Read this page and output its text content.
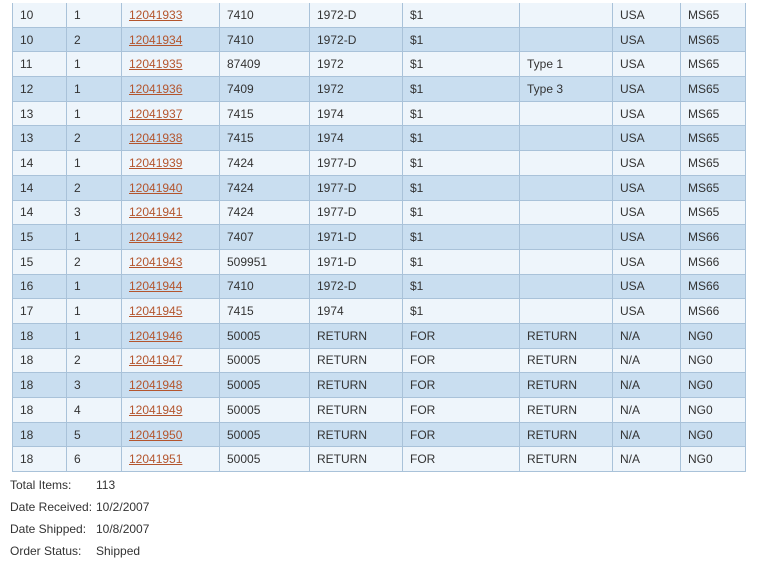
10	1	12041933	7410	1972-D	$1		USA	MS65
10	2	12041934	7410	1972-D	$1		USA	MS65
11	1	12041935	87409	1972	$1	Type 1	USA	MS65
12	1	12041936	7409	1972	$1	Type 3	USA	MS65
13	1	12041937	7415	1974	$1		USA	MS65
13	2	12041938	7415	1974	$1		USA	MS65
14	1	12041939	7424	1977-D	$1		USA	MS65
14	2	12041940	7424	1977-D	$1		USA	MS65
14	3	12041941	7424	1977-D	$1		USA	MS65
15	1	12041942	7407	1971-D	$1		USA	MS66
15	2	12041943	509951	1971-D	$1		USA	MS66
16	1	12041944	7410	1972-D	$1		USA	MS66
17	1	12041945	7415	1974	$1		USA	MS66
18	1	12041946	50005	RETURN	FOR	RETURN	N/A	NG0
18	2	12041947	50005	RETURN	FOR	RETURN	N/A	NG0
18	3	12041948	50005	RETURN	FOR	RETURN	N/A	NG0
18	4	12041949	50005	RETURN	FOR	RETURN	N/A	NG0
18	5	12041950	50005	RETURN	FOR	RETURN	N/A	NG0
18	6	12041951	50005	RETURN	FOR	RETURN	N/A	NG0
Total Items: 113
Date Received: 10/2/2007
Date Shipped: 10/8/2007
Order Status: Shipped
